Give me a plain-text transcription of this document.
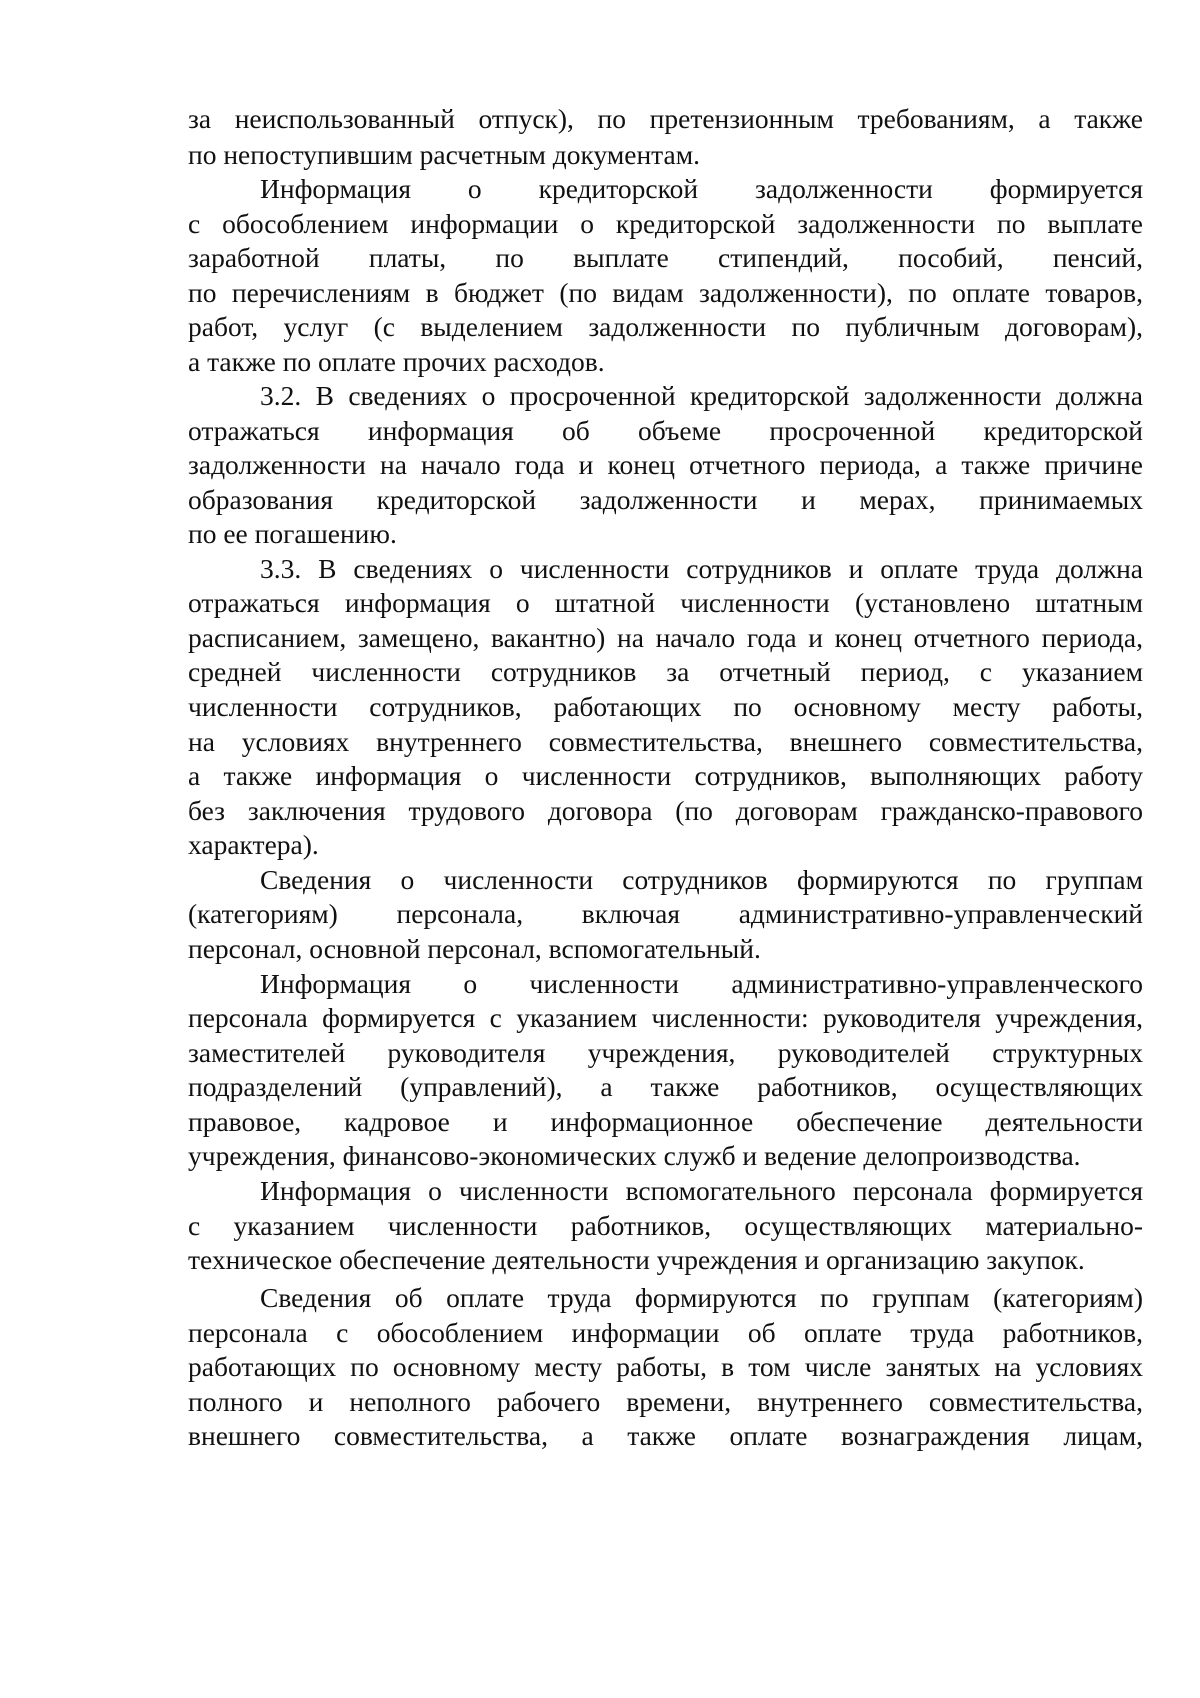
за неиспользованный отпуск), по претензионным требованиям, а также

по непоступившим расчетным документам.

Информация о кредиторской задолженности формируется

с обособлением информации о кредиторской задолженности по выплате

заработной платы, по выплате стипендий, пособий, пенсий,

по перечислениям в бюджет (по видам задолженности), по оплате товаров,

работ, услуг (с выделением задолженности по публичным договорам),

а также по оплате прочих расходов.

3.2. В сведениях о просроченной кредиторской задолженности должна

отражаться информация об объеме просроченной кредиторской

задолженности на начало года и конец отчетного периода, а также причине

образования кредиторской задолженности и мерах, принимаемых

по ее погашению.

3.3. В сведениях о численности сотрудников и оплате труда должна

отражаться информация о штатной численности (установлено штатным

расписанием, замещено, вакантно) на начало года и конец отчетного периода,

средней численности сотрудников за отчетный период, с указанием

численности сотрудников, работающих по основному месту работы,

на условиях внутреннего совместительства, внешнего совместительства,

а также информация о численности сотрудников, выполняющих работу

без заключения трудового договора (по договорам гражданско-правового

характера).

Сведения о численности сотрудников формируются по группам

(категориям) персонала, включая административно-управленческий

персонал, основной персонал, вспомогательный.

Информация о численности административно-управленческого

персонала формируется с указанием численности: руководителя учреждения,

заместителей руководителя учреждения, руководителей структурных

подразделений (управлений), а также работников, осуществляющих

правовое, кадровое и информационное обеспечение деятельности

учреждения, финансово-экономических служб и ведение делопроизводства.

Информация о численности вспомогательного персонала формируется

с указанием численности работников, осуществляющих материально-

техническое обеспечение деятельности учреждения и организацию закупок.

Сведения об оплате труда формируются по группам (категориям)

персонала с обособлением информации об оплате труда работников,

работающих по основному месту работы, в том числе занятых на условиях

полного и неполного рабочего времени, внутреннего совместительства,

внешнего совместительства, а также оплате вознаграждения лицам,
